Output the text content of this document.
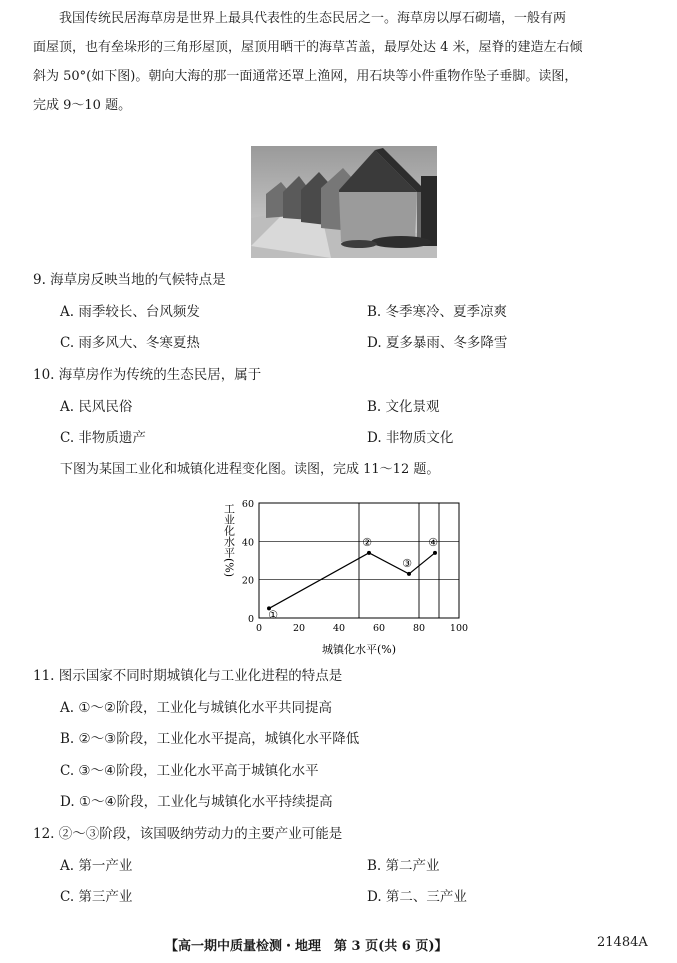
我国传统民居海草房是世界上最具代表性的生态民居之一。海草房以厚石砌墙，一般有两
面屋顶，也有垒垛形的三角形屋顶，屋顶用晒干的海草苫盖，最厚处达 4 米，屋脊的建造左右倾
斜为 50°(如下图)。朝向大海的那一面通常还罩上渔网，用石块等小件重物作坠子垂脚。读图，
完成 9～10 题。
9. 海草房反映当地的气候特点是
A. 雨季较长、台风频发	B. 冬季寒冷、夏季凉爽
C. 雨多风大、冬寒夏热	D. 夏多暴雨、冬多降雪
10. 海草房作为传统的生态民居，属于
A. 民风民俗	B. 文化景观
C. 非物质遗产	D. 非物质文化
下图为某国工业化和城镇化进程变化图。读图，完成 11～12 题。
①
②
③
④
0
20
40
60
0	20	40	60	80	100
工业化水平(%)
城镇化水平(%)
11. 图示国家不同时期城镇化与工业化进程的特点是
A. ①～②阶段，工业化与城镇化水平共同提高
B. ②～③阶段，工业化水平提高，城镇化水平降低
C. ③～④阶段，工业化水平高于城镇化水平
D. ①～④阶段，工业化与城镇化水平持续提高
12. ②～③阶段，该国吸纳劳动力的主要产业可能是
A. 第一产业	B. 第二产业
C. 第三产业	D. 第二、三产业
【高一期中质量检测・地理　第 3 页(共 6 页)】	21484A
